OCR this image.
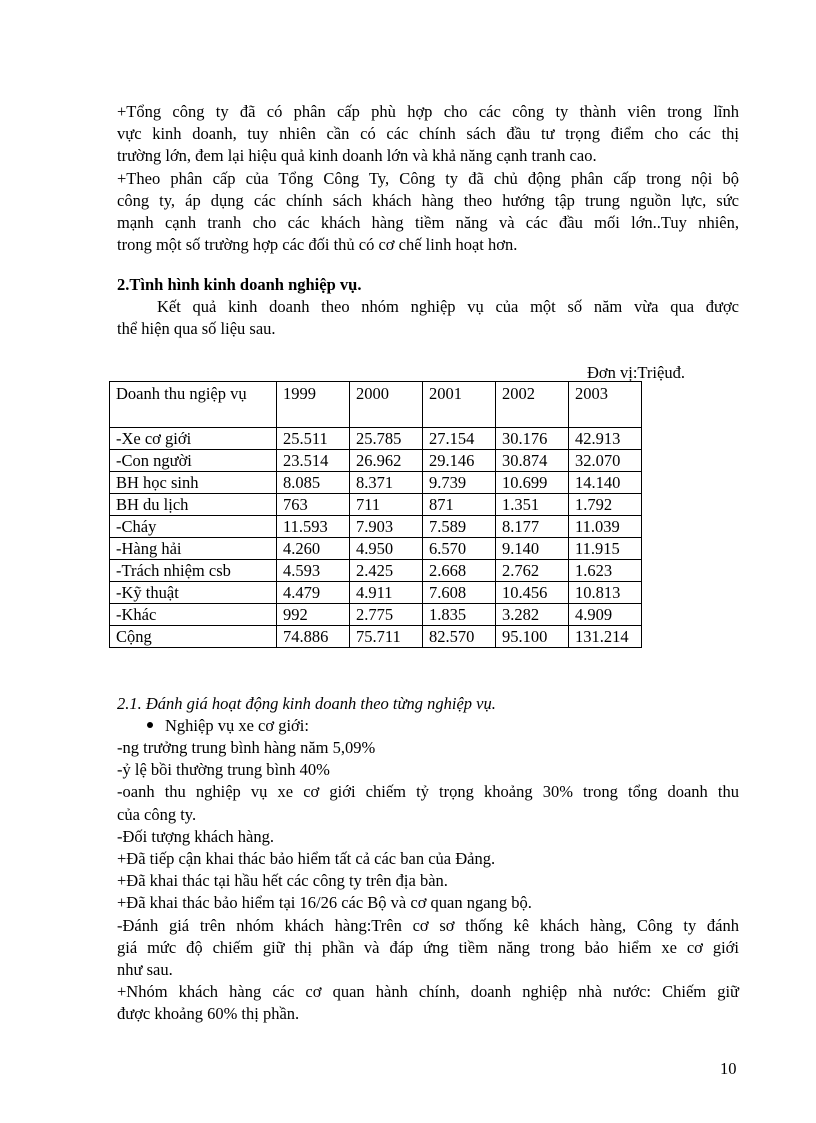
+Tổng công ty đã có phân cấp phù hợp cho các công ty thành viên trong lĩnh
vực kinh doanh, tuy nhiên cần có các chính sách đầu tư trọng điểm cho các thị
trường lớn, đem lại hiệu quả kinh doanh lớn và khả năng cạnh tranh cao.
+Theo phân cấp của Tổng Công Ty, Công ty đã chủ động phân cấp trong nội bộ
công ty, áp dụng các chính sách khách hàng theo hướng tập trung nguồn lực, sức
mạnh cạnh tranh cho các khách hàng tiềm năng và các đầu mối lớn..Tuy nhiên,
trong một số trường hợp các đối thủ có cơ chế linh hoạt hơn.
2.Tình hình kinh doanh nghiệp vụ.
Kết quả kinh doanh theo nhóm nghiệp vụ của một số năm vừa qua được
thể hiện qua số liệu sau.
Đơn vị:Triệuđ.
Doanh thu ngiệp vụ	1999	2000	2001	2002	2003
-Xe cơ giới	25.511	25.785	27.154	30.176	42.913
-Con người	23.514	26.962	29.146	30.874	32.070
BH học sinh	8.085	8.371	9.739	10.699	14.140
BH du lịch	763	711	871	1.351	1.792
-Cháy	11.593	7.903	7.589	8.177	11.039
-Hàng hải	4.260	4.950	6.570	9.140	11.915
-Trách nhiệm csb	4.593	2.425	2.668	2.762	1.623
-Kỹ thuật	4.479	4.911	7.608	10.456	10.813
-Khác	992	2.775	1.835	3.282	4.909
Cộng	74.886	75.711	82.570	95.100	131.214
2.1. Đánh giá hoạt động kinh doanh theo từng nghiệp vụ.
Nghiệp vụ xe cơ giới:
-ng trưởng trung bình hàng năm 5,09%
-ỷ lệ bồi thường trung bình 40%
-oanh thu nghiệp vụ xe cơ giới chiếm tỷ trọng khoảng 30% trong tổng doanh thu
của công ty.
-Đối tượng khách hàng.
+Đã tiếp cận khai thác bảo hiểm tất cả các ban của Đảng.
+Đã khai thác tại hầu hết các công ty trên địa bàn.
+Đã khai thác bảo hiểm tại 16/26 các Bộ và cơ quan ngang bộ.
-Đánh giá trên nhóm khách hàng:Trên cơ sơ thống kê khách hàng, Công ty đánh
giá mức độ chiếm giữ thị phần và đáp ứng tiềm năng trong bảo hiểm xe cơ giới
như sau.
+Nhóm khách hàng các cơ quan hành chính, doanh nghiệp nhà nước: Chiếm giữ
được khoảng 60% thị phần.
10
